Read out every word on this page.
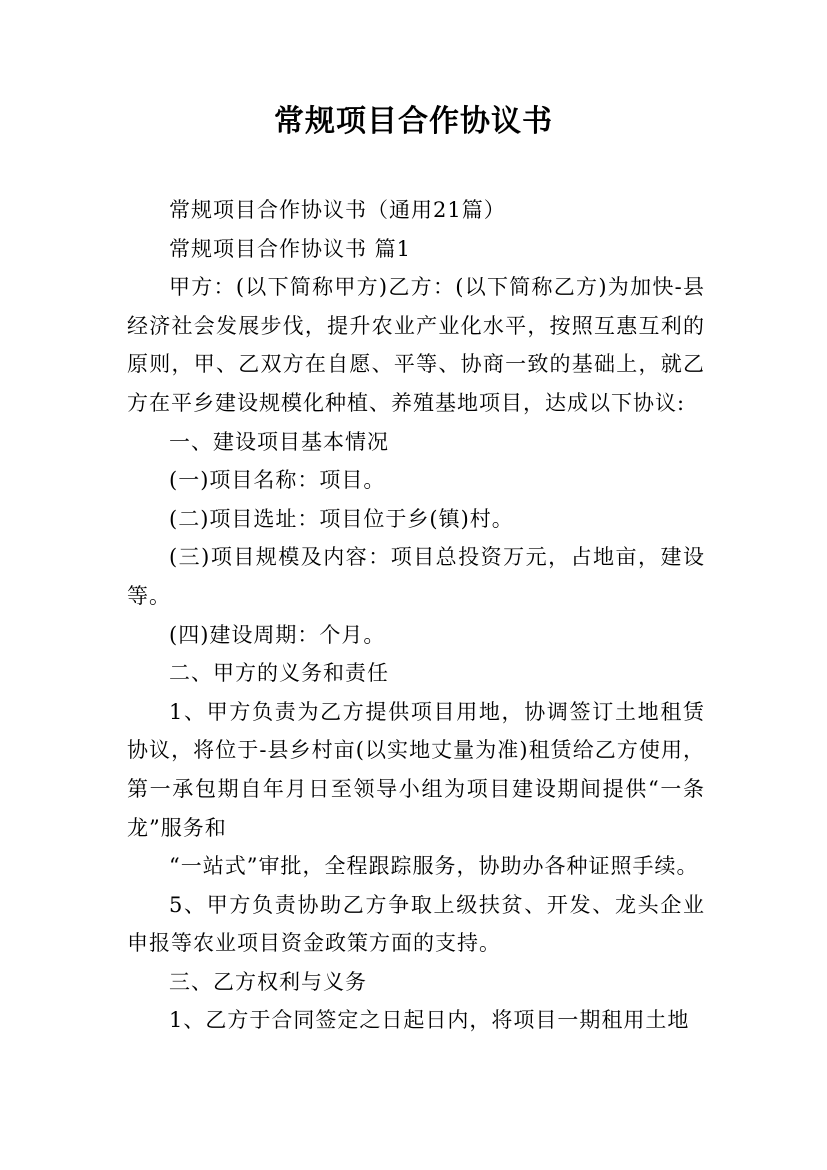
常规项目合作协议书

常规项目合作协议书（通用21篇）

常规项目合作协议书 篇1

甲方：(以下简称甲方)乙方：(以下简称乙方)为加快-县经济社会发展步伐，提升农业产业化水平，按照互惠互利的原则，甲、乙双方在自愿、平等、协商一致的基础上，就乙方在平乡建设规模化种植、养殖基地项目，达成以下协议:

一、建设项目基本情况

(一)项目名称：项目。

(二)项目选址：项目位于乡(镇)村。

(三)项目规模及内容：项目总投资万元，占地亩，建设等。

(四)建设周期：个月。

二、甲方的义务和责任

1、甲方负责为乙方提供项目用地，协调签订土地租赁协议，将位于-县乡村亩(以实地丈量为准)租赁给乙方使用，第一承包期自年月日至领导小组为项目建设期间提供“一条龙”服务和

“一站式”审批，全程跟踪服务，协助办各种证照手续。

5、甲方负责协助乙方争取上级扶贫、开发、龙头企业申报等农业项目资金政策方面的支持。

三、乙方权利与义务

1、乙方于合同签定之日起日内，将项目一期租用土地
